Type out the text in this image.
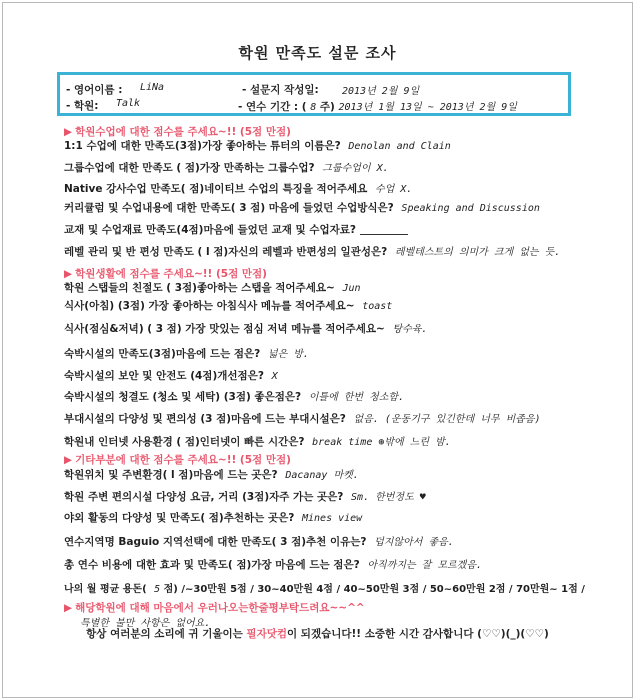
학원 만족도 설문 조사
- 영어이름 : LiNa	- 설문지 작성일: 2013년 2월 9일
- 학원: Talk	- 연수 기간 : ( 8 주) 2013년 1월 13일 ~ 2013년 2월 9일
▶ 학원수업에 대한 점수를 주세요~!! (5점 만점)
1:1 수업에 대한 만족도(3점)가장 좋아하는 튜터의 이름은? Denolan and Clain
그룹수업에 대한 만족도 ( 점)가장 만족하는 그룹수업? 그룹수업이 X.
Native 강사수업 만족도( 점)네이티브 수업의 특징을 적어주세요 수업 X.
커리큘럼 및 수업내용에 대한 만족도( 3 점) 마음에 들었던 수업방식은? Speaking and Discussion
교재 및 수업재료 만족도(4점)마음에 들었던 교재 및 수업자료?
레벨 관리 및 반 편성 만족도 ( l 점)자신의 레벨과 반편성의 일관성은? 레벨테스트의 의미가 크게 없는 듯.
▶ 학원생활에 점수를 주세요~!! (5점 만점)
학원 스탭들의 친절도 ( 3점)좋아하는 스탭을 적어주세요~ Jun
식사(아침) (3점) 가장 좋아하는 아침식사 메뉴를 적어주세요~ toast
식사(점심&저녁) ( 3 점) 가장 맛있는 점심 저녁 메뉴를 적어주세요~ 탕수육.
숙박시설의 만족도(3점)마음에 드는 점은? 넓은 방.
숙박시설의 보안 및 안전도 (4점)개선점은? X
숙박시설의 청결도 (청소 및 세탁) (3점) 좋은점은? 이틀에 한번 청소함.
부대시설의 다양성 및 편의성 (3 점)마음에 드는 부대시설은? 없음. (운동기구 있긴한데 너무 비좁음)
학원내 인터넷 사용환경 ( 점)인터넷이 빠른 시간은? break time ⊛밖에 느린 밤.
▶ 기타부분에 대한 점수를 주세요~!! (5점 만점)
학원위치 및 주변환경( l 점)마음에 드는 곳은? Dacanay 마켓.
학원 주변 편의시설 다양성 요금, 거리 (3점)자주 가는 곳은? Sm. 한번정도 ♥
야외 활동의 다양성 및 만족도( 점)추천하는 곳은? Mines view
연수지역명 Baguio 지역선택에 대한 만족도( 3 점)추천 이유는? 덥지않아서 좋음.
총 연수 비용에 대한 효과 및 만족도( 점)가장 마음에 드는 점은? 아직까지는 잘 모르겠음.
나의 월 평균 용돈( 5 점) /~30만원 5점 / 30~40만원 4점 / 40~50만원 3점 / 50~60만원 2점 / 70만원~ 1점 /
▶ 해당학원에 대해 마음에서 우러나오는한줄평부탁드려요~~^^
특별한 불만 사항은 없어요.
항상 여러분의 소리에 귀 기울이는 필자닷컴이 되겠습니다!! 소중한 시간 감사합니다 (♡♡)(_)(♡♡)
